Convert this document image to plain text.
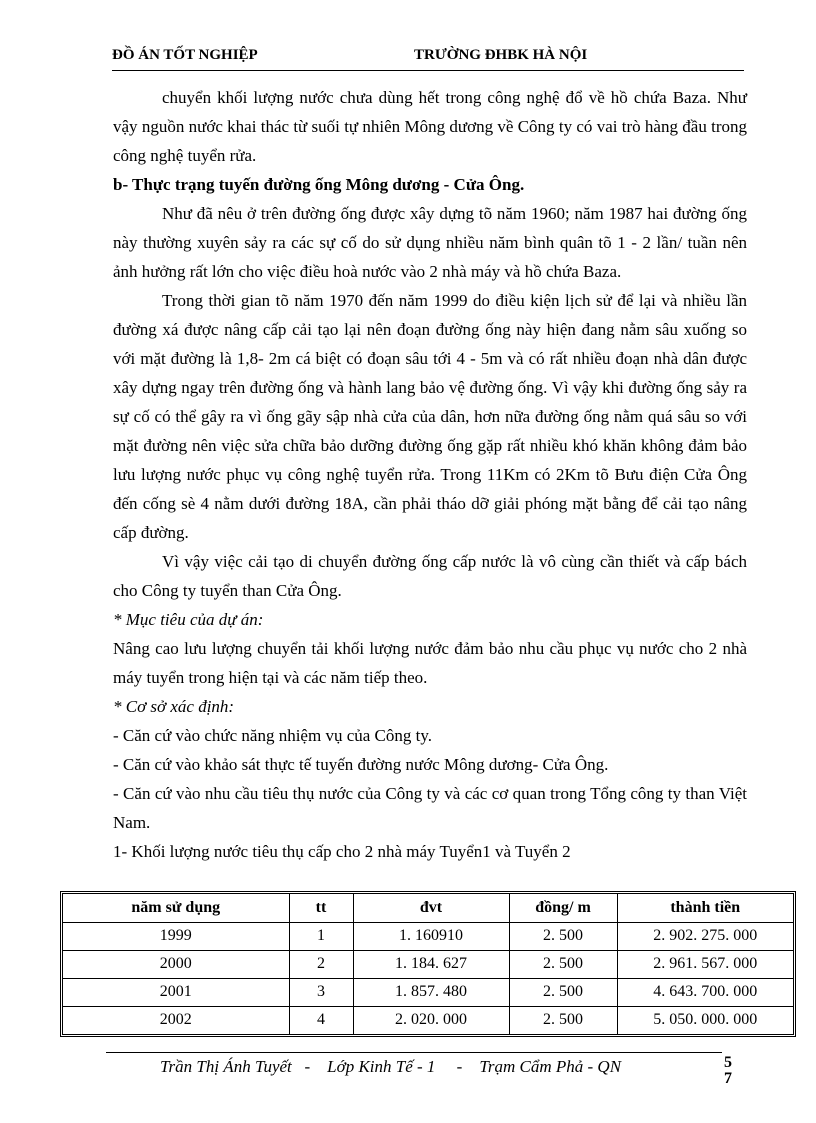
ĐỒ ÁN TỐT NGHIỆP	TRƯỜNG ĐHBK HÀ NỘI

chuyển khối lượng nước chưa dùng hết trong công nghệ đổ về hồ chứa Baza. Như vậy nguồn nước khai thác từ suối tự nhiên Mông dương về Công ty có vai trò hàng đầu trong công nghệ tuyển rửa.

b- Thực trạng tuyến đường ống Mông dương - Cửa Ông.

Như đã nêu ở trên đường ống được xây dựng tõ năm 1960; năm 1987 hai đường ống này thường xuyên sảy ra các sự cố do sử dụng nhiều năm bình quân tõ 1 - 2 lần/ tuần nên ảnh hưởng rất lớn cho việc điều hoà nước vào 2 nhà máy và hồ chứa Baza.

Trong thời gian tõ năm 1970 đến năm 1999 do điều kiện lịch sử để lại và nhiều lần đường xá được nâng cấp cải tạo lại nên đoạn đường ống này hiện đang nằm sâu xuống so với mặt đường là 1,8- 2m cá biệt có đoạn sâu tới 4 - 5m và có rất nhiều đoạn nhà dân được xây dựng ngay trên đường ống và hành lang bảo vệ đường ống. Vì vậy khi đường ống sảy ra sự cố có thể gây ra vì ống gãy sập nhà cửa của dân, hơn nữa đường ống nằm quá sâu so với mặt đường nên việc sửa chữa bảo dưỡng đường ống gặp rất nhiều khó khăn không đảm bảo lưu lượng nước phục vụ công nghệ tuyển rửa. Trong 11Km có 2Km tõ Bưu điện Cửa Ông đến cống sè 4 nằm dưới đường 18A, cần phải tháo dỡ giải phóng mặt bằng để cải tạo nâng cấp đường.

Vì vậy việc cải tạo di chuyển đường ống cấp nước là vô cùng cần thiết và cấp bách cho Công ty tuyển than Cửa Ông.

* Mục tiêu của dự án:

Nâng cao lưu lượng chuyển tải khối lượng nước đảm bảo nhu cầu phục vụ nước cho 2 nhà máy tuyển trong hiện tại và các năm tiếp theo.

* Cơ sở xác định:

- Căn cứ vào chức năng nhiệm vụ của Công ty.

- Căn cứ vào khảo sát thực tế tuyến đường nước Mông dương- Cửa Ông.

- Căn cứ vào nhu cầu tiêu thụ nước của Công ty và các cơ quan trong Tổng công ty than Việt Nam.

1- Khối lượng nước tiêu thụ cấp cho 2 nhà máy Tuyển1 và Tuyển 2

năm sử dụng	tt	đvt	đồng/ m	thành tiền
1999	1	1. 160910	2. 500	2. 902. 275. 000
2000	2	1. 184. 627	2. 500	2. 961. 567. 000
2001	3	1. 857. 480	2. 500	4. 643. 700. 000
2002	4	2. 020. 000	2. 500	5. 050. 000. 000
Trần Thị Ánh Tuyết   -    Lớp Kinh Tế - 1     -    Trạm Cẩm Phả - QN	5
7
